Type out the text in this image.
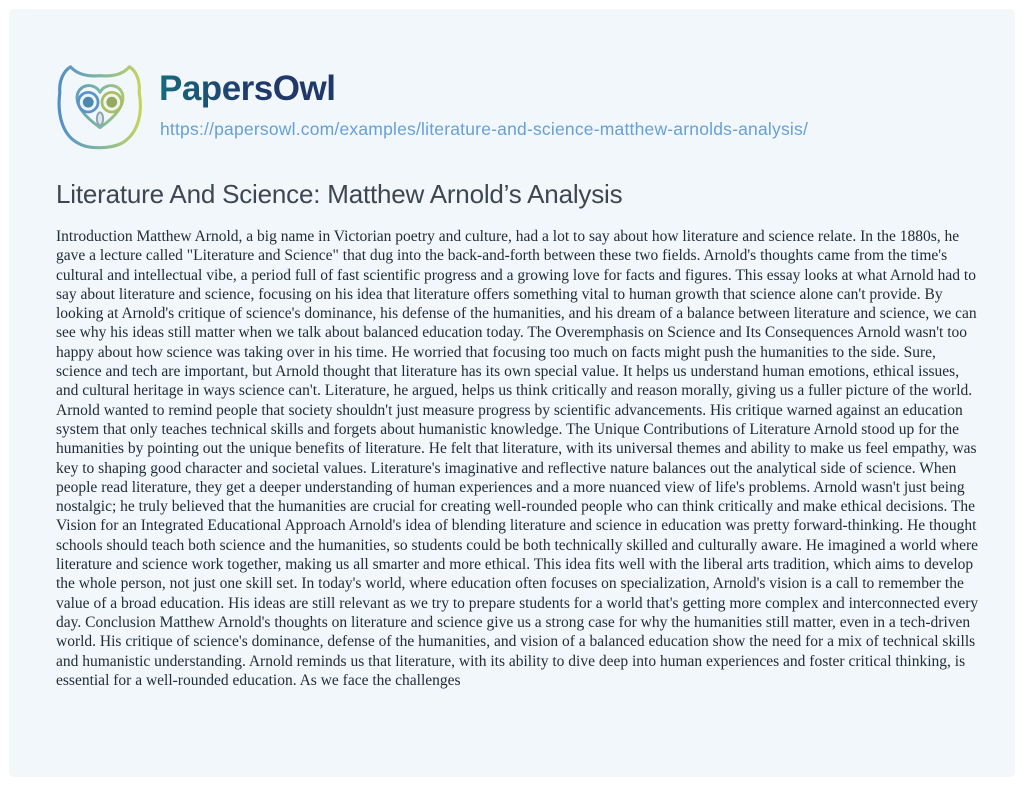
PapersOwl
https://papersowl.com/examples/literature-and-science-matthew-arnolds-analysis/
Literature And Science: Matthew Arnold’s Analysis

Introduction Matthew Arnold, a big name in Victorian poetry and culture, had a lot to say about how literature and science relate. In the 1880s, he gave a lecture called "Literature and Science" that dug into the back-and-forth between these two fields. Arnold's thoughts came from the time's cultural and intellectual vibe, a period full of fast scientific progress and a growing love for facts and figures. This essay looks at what Arnold had to say about literature and science, focusing on his idea that literature offers something vital to human growth that science alone can't provide. By looking at Arnold's critique of science's dominance, his defense of the humanities, and his dream of a balance between literature and science, we can see why his ideas still matter when we talk about balanced education today. The Overemphasis on Science and Its Consequences Arnold wasn't too happy about how science was taking over in his time. He worried that focusing too much on facts might push the humanities to the side. Sure, science and tech are important, but Arnold thought that literature has its own special value. It helps us understand human emotions, ethical issues, and cultural heritage in ways science can't. Literature, he argued, helps us think critically and reason morally, giving us a fuller picture of the world. Arnold wanted to remind people that society shouldn't just measure progress by scientific advancements. His critique warned against an education system that only teaches technical skills and forgets about humanistic knowledge. The Unique Contributions of Literature Arnold stood up for the humanities by pointing out the unique benefits of literature. He felt that literature, with its universal themes and ability to make us feel empathy, was key to shaping good character and societal values. Literature's imaginative and reflective nature balances out the analytical side of science. When people read literature, they get a deeper understanding of human experiences and a more nuanced view of life's problems. Arnold wasn't just being nostalgic; he truly believed that the humanities are crucial for creating well-rounded people who can think critically and make ethical decisions. The Vision for an Integrated Educational Approach Arnold's idea of blending literature and science in education was pretty forward-thinking. He thought schools should teach both science and the humanities, so students could be both technically skilled and culturally aware. He imagined a world where literature and science work together, making us all smarter and more ethical. This idea fits well with the liberal arts tradition, which aims to develop the whole person, not just one skill set. In today's world, where education often focuses on specialization, Arnold's vision is a call to remember the value of a broad education. His ideas are still relevant as we try to prepare students for a world that's getting more complex and interconnected every day. Conclusion Matthew Arnold's thoughts on literature and science give us a strong case for why the humanities still matter, even in a tech-driven world. His critique of science's dominance, defense of the humanities, and vision of a balanced education show the need for a mix of technical skills and humanistic understanding. Arnold reminds us that literature, with its ability to dive deep into human experiences and foster critical thinking, is essential for a well-rounded education. As we face the challenges
